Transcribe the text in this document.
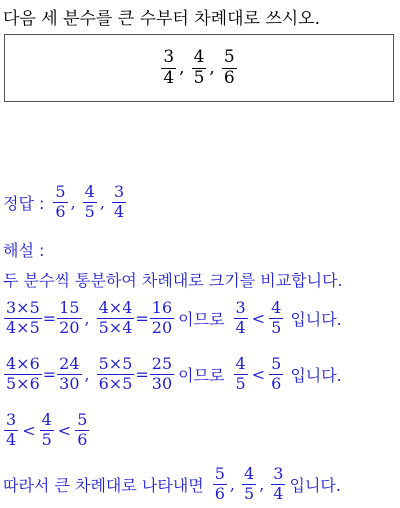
다음 세 분수를 큰 수부터 차례대로 쓰시오.
$\frac{3}{4}$ , $\frac{4}{5}$ , $\frac{5}{6}$
정답 : $\frac{5}{6}$ , $\frac{4}{5}$ , $\frac{3}{4}$
해설 :
두 분수씩 통분하여 차례대로 크기를 비교합니다.
$\frac{3\times 5}{4\times 5} = \frac{15}{20}$ , $\frac{4\times 4}{5\times 4} = \frac{16}{20}$ 이므로 $\frac{3}{4} < \frac{4}{5}$ 입니다.
$\frac{4\times 6}{5\times 6} = \frac{24}{30}$ , $\frac{5\times 5}{6\times 5} = \frac{25}{30}$ 이므로 $\frac{4}{5} < \frac{5}{6}$ 입니다.
$\frac{3}{4} < \frac{4}{5} < \frac{5}{6}$
따라서 큰 차례대로 나타내면 $\frac{5}{6}$ , $\frac{4}{5}$ , $\frac{3}{4}$ 입니다.
